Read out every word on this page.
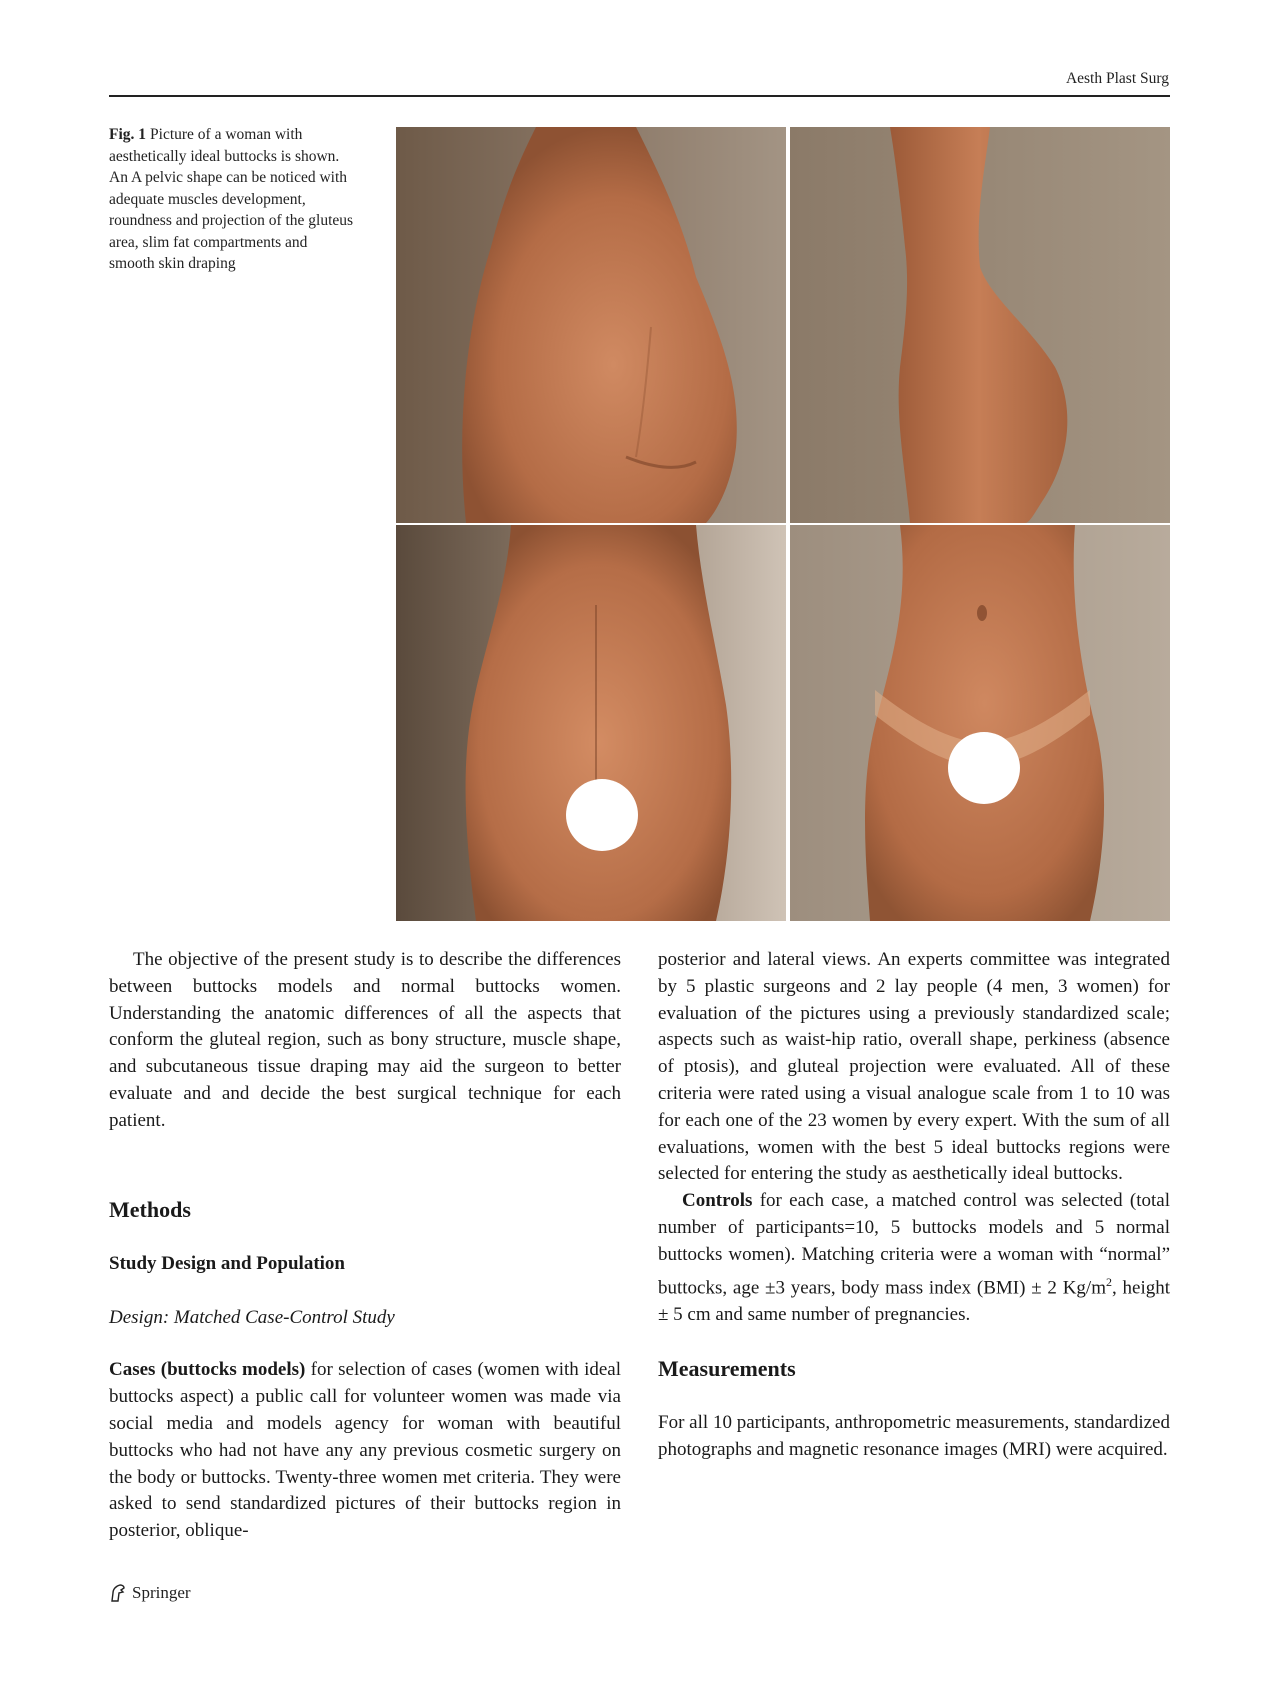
Aesth Plast Surg
Fig. 1 Picture of a woman with aesthetically ideal buttocks is shown. An A pelvic shape can be noticed with adequate muscles development, roundness and projection of the gluteus area, slim fat compartments and smooth skin draping

The objective of the present study is to describe the differences between buttocks models and normal buttocks women. Understanding the anatomic differences of all the aspects that conform the gluteal region, such as bony structure, muscle shape, and subcutaneous tissue draping may aid the surgeon to better evaluate and and decide the best surgical technique for each patient.

Methods
Study Design and Population

Design: Matched Case-Control Study

Cases (buttocks models) for selection of cases (women with ideal buttocks aspect) a public call for volunteer women was made via social media and models agency for woman with beautiful buttocks who had not have any any previous cosmetic surgery on the body or buttocks. Twenty-three women met criteria. They were asked to send standardized pictures of their buttocks region in posterior, oblique-

posterior and lateral views. An experts committee was integrated by 5 plastic surgeons and 2 lay people (4 men, 3 women) for evaluation of the pictures using a previously standardized scale; aspects such as waist-hip ratio, overall shape, perkiness (absence of ptosis), and gluteal projection were evaluated. All of these criteria were rated using a visual analogue scale from 1 to 10 was for each one of the 23 women by every expert. With the sum of all evaluations, women with the best 5 ideal buttocks regions were selected for entering the study as aesthetically ideal buttocks.

Controls for each case, a matched control was selected (total number of participants=10, 5 buttocks models and 5 normal buttocks women). Matching criteria were a woman with “normal” buttocks, age ±3 years, body mass index (BMI) ± 2 $Kg/m^2$, height ± 5 cm and same number of pregnancies.

Measurements

For all 10 participants, anthropometric measurements, standardized photographs and magnetic resonance images (MRI) were acquired.

Springer
